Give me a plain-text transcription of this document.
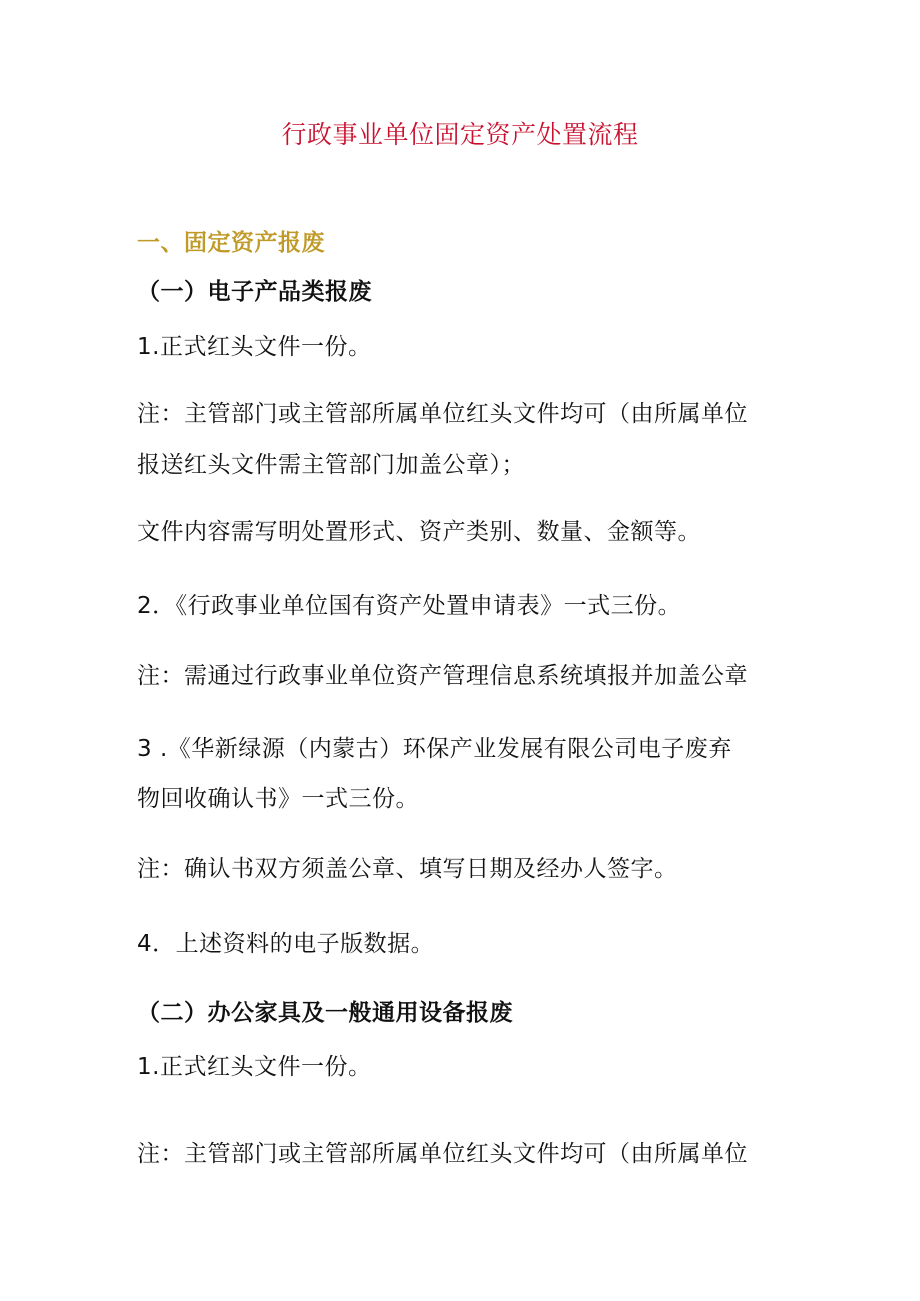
行政事业单位固定资产处置流程
一、固定资产报废
（一）电子产品类报废
1.正式红头文件一份。
注：主管部门或主管部所属单位红头文件均可（由所属单位
报送红头文件需主管部门加盖公章）；
文件内容需写明处置形式、资产类别、数量、金额等。
2．《行政事业单位国有资产处置申请表》一式三份。
注：需通过行政事业单位资产管理信息系统填报并加盖公章
3 .《华新绿源（内蒙古）环保产业发展有限公司电子废弃
物回收确认书》一式三份。
注：确认书双方须盖公章、填写日期及经办人签字。
4．上述资料的电子版数据。
（二）办公家具及一般通用设备报废
1.正式红头文件一份。
注：主管部门或主管部所属单位红头文件均可（由所属单位
